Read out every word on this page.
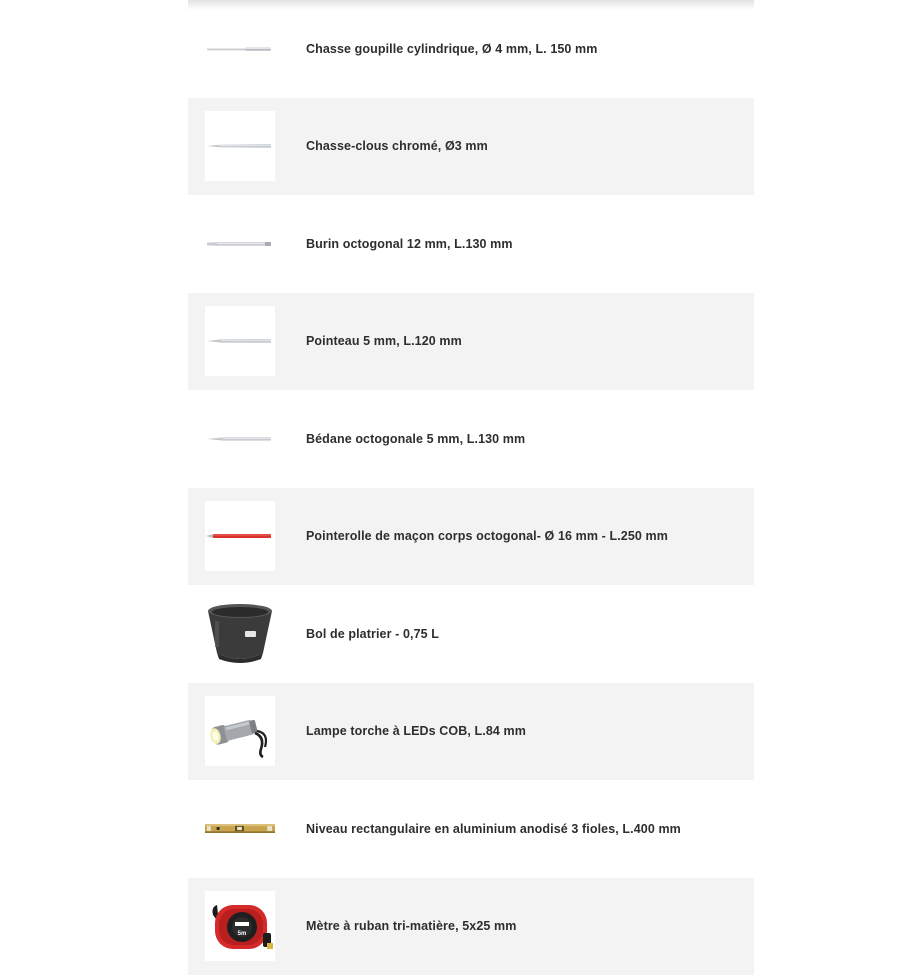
Chasse goupille cylindrique, Ø 4 mm, L. 150 mm
Chasse-clous chromé, Ø3 mm
Burin octogonal 12 mm, L.130 mm
Pointeau 5 mm, L.120 mm
Bédane octogonale 5 mm, L.130 mm
Pointerolle de maçon corps octogonal- Ø 16 mm - L.250 mm
Bol de platrier - 0,75 L
Lampe torche à LEDs COB, L.84 mm
Niveau rectangulaire en aluminium anodisé 3 fioles, L.400 mm
5m
Mètre à ruban tri-matière, 5x25 mm
